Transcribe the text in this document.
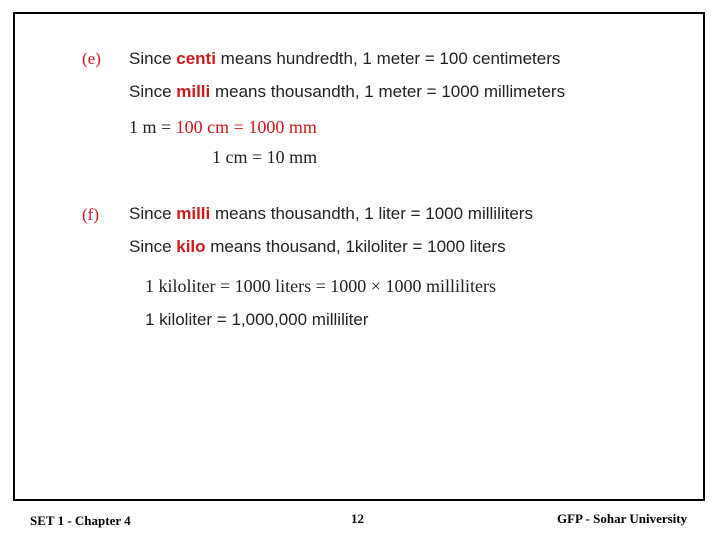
(e) Since centi means hundredth, 1 meter = 100 centimeters
Since milli means thousandth, 1 meter = 1000 millimeters
1 m = 100 cm = 1000 mm
1 cm = 10 mm
(f) Since milli means thousandth, 1 liter = 1000 milliliters
Since kilo means thousand, 1kiloliter = 1000 liters
1 kiloliter = 1000 liters = 1000 × 1000 milliliters
1 kiloliter = 1,000,000 milliliter
SET 1 - Chapter 4	12	GFP - Sohar University
